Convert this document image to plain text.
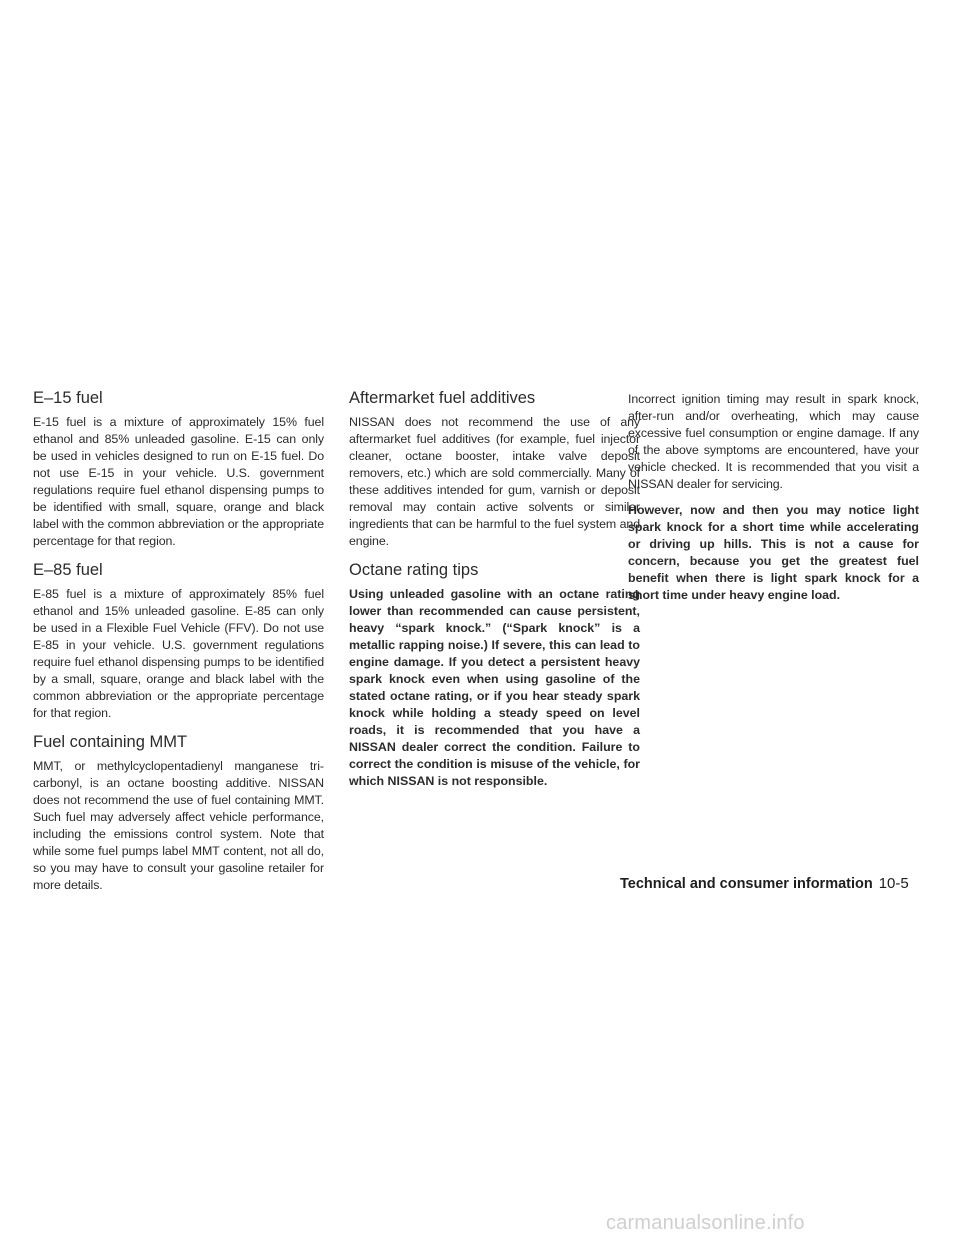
E–15 fuel

E-15 fuel is a mixture of approximately 15% fuel ethanol and 85% unleaded gasoline. E-15 can only be used in vehicles designed to run on E-15 fuel. Do not use E-15 in your vehicle. U.S. government regulations require fuel ethanol dispensing pumps to be identified with small, square, orange and black label with the common abbreviation or the appropriate percentage for that region.

E–85 fuel

E-85 fuel is a mixture of approximately 85% fuel ethanol and 15% unleaded gasoline. E-85 can only be used in a Flexible Fuel Vehicle (FFV). Do not use E-85 in your vehicle. U.S. government regulations require fuel ethanol dispensing pumps to be identified by a small, square, orange and black label with the common abbreviation or the appropriate percentage for that region.

Fuel containing MMT

MMT, or methylcyclopentadienyl manganese tricarbonyl, is an octane boosting additive. NISSAN does not recommend the use of fuel containing MMT. Such fuel may adversely affect vehicle performance, including the emissions control system. Note that while some fuel pumps label MMT content, not all do, so you may have to consult your gasoline retailer for more details.

Aftermarket fuel additives

NISSAN does not recommend the use of any aftermarket fuel additives (for example, fuel injector cleaner, octane booster, intake valve deposit removers, etc.) which are sold commercially. Many of these additives intended for gum, varnish or deposit removal may contain active solvents or similar ingredients that can be harmful to the fuel system and engine.

Octane rating tips

Using unleaded gasoline with an octane rating lower than recommended can cause persistent, heavy “spark knock.” (“Spark knock” is a metallic rapping noise.) If severe, this can lead to engine damage. If you detect a persistent heavy spark knock even when using gasoline of the stated octane rating, or if you hear steady spark knock while holding a steady speed on level roads, it is recommended that you have a NISSAN dealer correct the condition. Failure to correct the condition is misuse of the vehicle, for which NISSAN is not responsible.

Incorrect ignition timing may result in spark knock, after-run and/or overheating, which may cause excessive fuel consumption or engine damage. If any of the above symptoms are encountered, have your vehicle checked. It is recommended that you visit a NISSAN dealer for servicing.

However, now and then you may notice light spark knock for a short time while accelerating or driving up hills. This is not a cause for concern, because you get the greatest fuel benefit when there is light spark knock for a short time under heavy engine load.

Technical and consumer information 10-5
carmanualsonline.info
